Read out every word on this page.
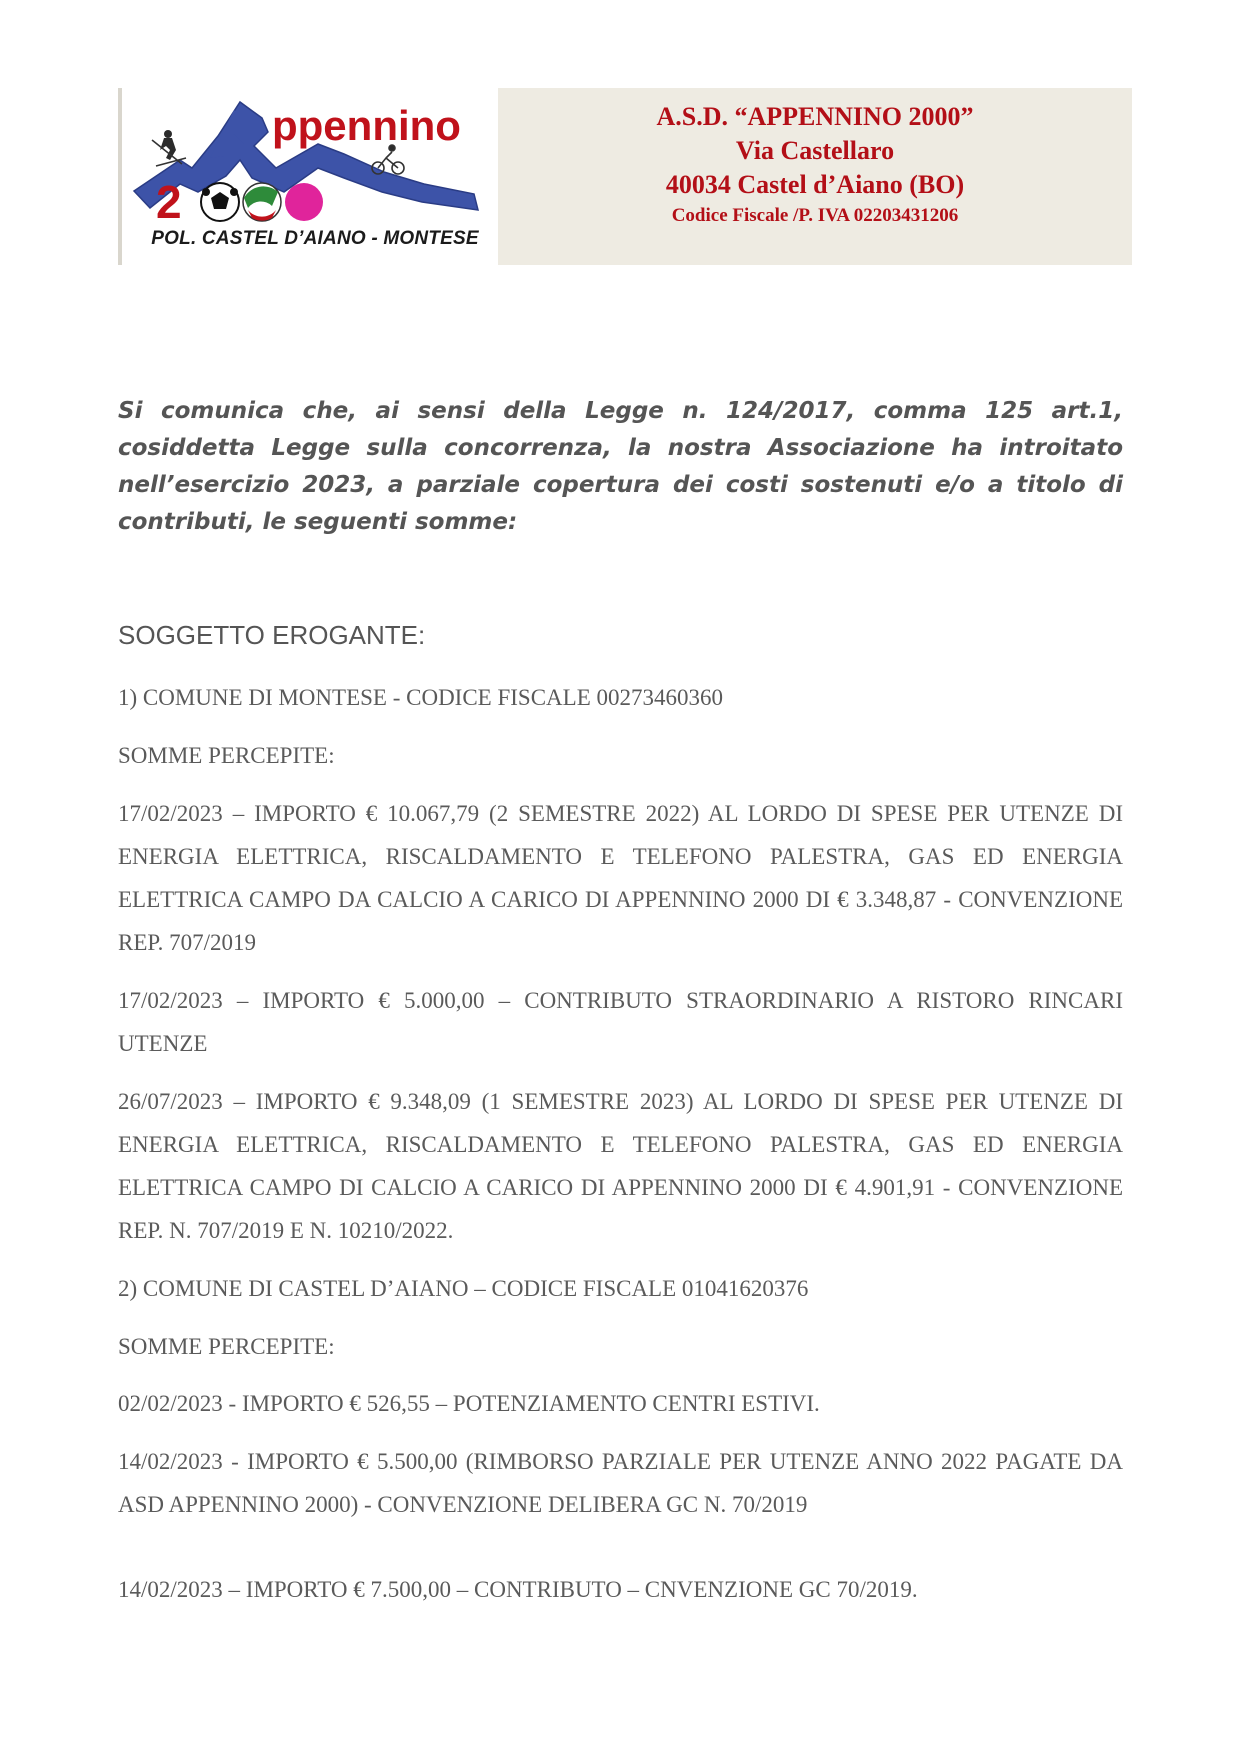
2
ppennino
POL. CASTEL D’AIANO - MONTESE
A.S.D. “APPENNINO 2000”
Via Castellaro
40034 Castel d’Aiano (BO)
Codice Fiscale /P. IVA 02203431206
Si comunica che, ai sensi della Legge n. 124/2017, comma 125 art.1, cosiddetta Legge sulla concorrenza, la nostra Associazione ha introitato nell’esercizio 2023, a parziale copertura dei costi sostenuti e/o a titolo di contributi, le seguenti somme:
SOGGETTO EROGANTE:

1) COMUNE DI MONTESE - CODICE FISCALE 00273460360

SOMME PERCEPITE:

17/02/2023 – IMPORTO € 10.067,79 (2 SEMESTRE 2022) AL LORDO DI SPESE PER UTENZE DI ENERGIA ELETTRICA, RISCALDAMENTO E TELEFONO PALESTRA, GAS ED ENERGIA ELETTRICA CAMPO DA CALCIO A CARICO DI APPENNINO 2000 DI € 3.348,87 - CONVENZIONE REP. 707/2019

17/02/2023 – IMPORTO € 5.000,00 – CONTRIBUTO STRAORDINARIO A RISTORO RINCARI UTENZE

26/07/2023 – IMPORTO € 9.348,09 (1 SEMESTRE 2023) AL LORDO DI SPESE PER UTENZE DI ENERGIA ELETTRICA, RISCALDAMENTO E TELEFONO PALESTRA, GAS ED ENERGIA ELETTRICA CAMPO DI CALCIO A CARICO DI APPENNINO 2000 DI € 4.901,91 - CONVENZIONE REP. N. 707/2019 E N. 10210/2022.

2) COMUNE DI CASTEL D’AIANO – CODICE FISCALE 01041620376

SOMME PERCEPITE:

02/02/2023 - IMPORTO € 526,55 – POTENZIAMENTO CENTRI ESTIVI.

14/02/2023 - IMPORTO € 5.500,00 (RIMBORSO PARZIALE PER UTENZE ANNO 2022 PAGATE DA ASD APPENNINO 2000) - CONVENZIONE DELIBERA GC N. 70/2019

14/02/2023 – IMPORTO € 7.500,00 – CONTRIBUTO – CNVENZIONE GC 70/2019.
